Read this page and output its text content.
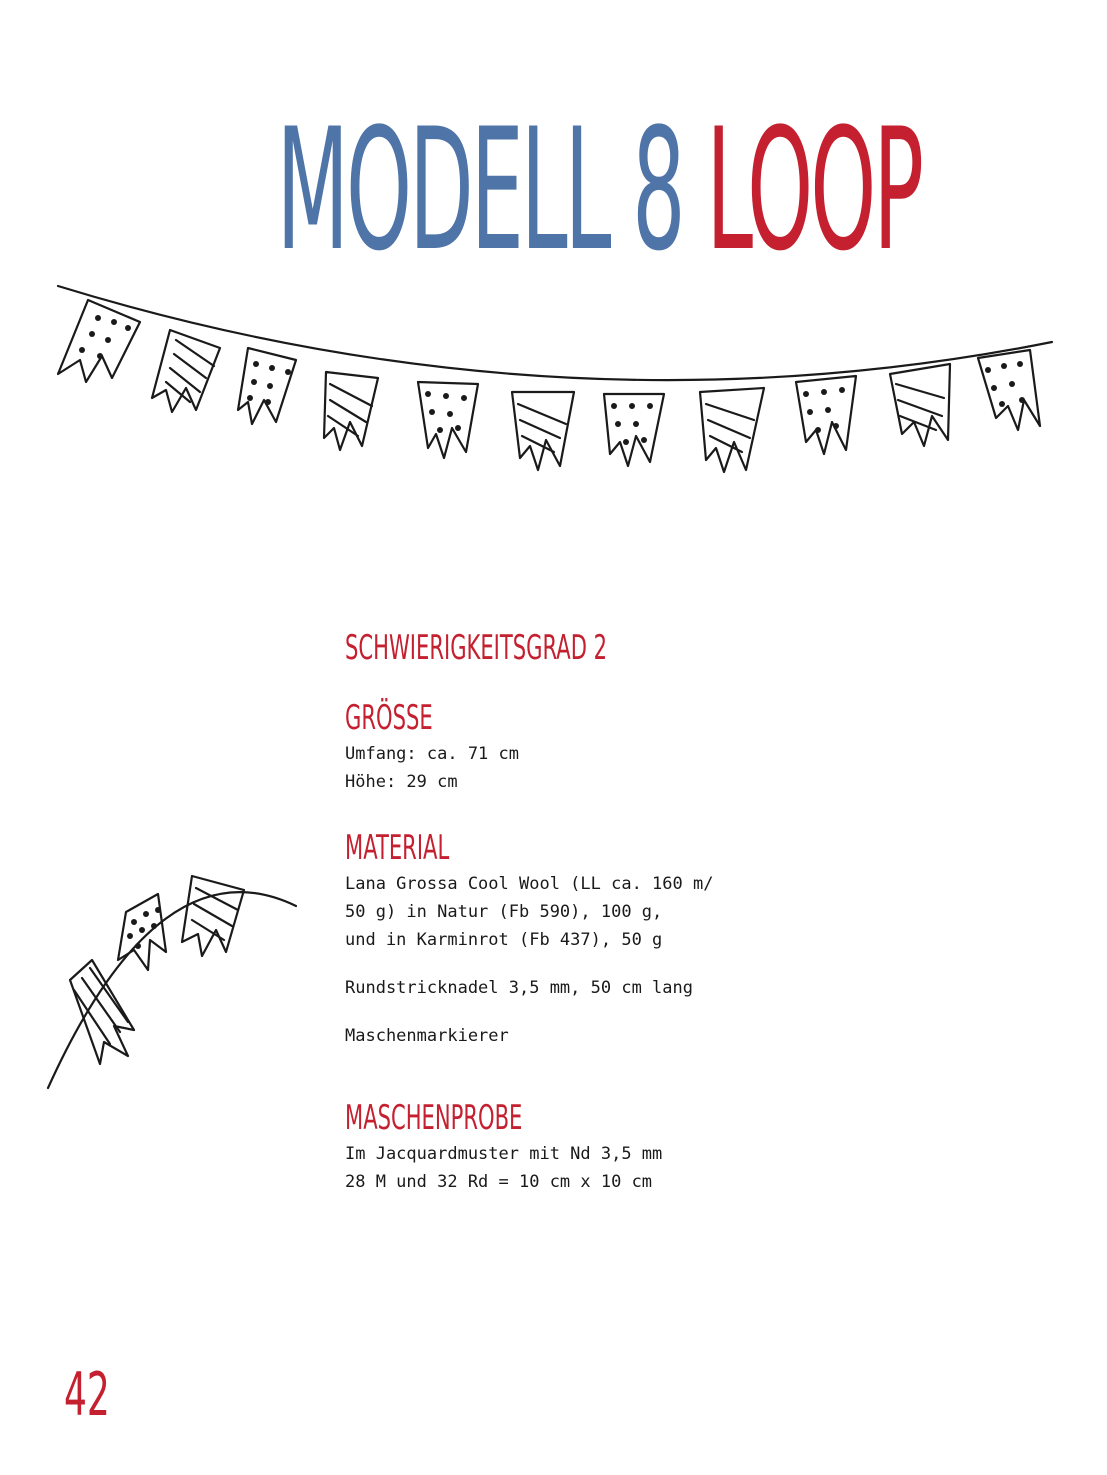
MODELL 8 LOOP

SCHWIERIGKEITSGRAD 2

GRÖSSE

Umfang: ca. 71 cm
Höhe: 29 cm

MATERIAL

Lana Grossa Cool Wool (LL ca. 160 m/
50 g) in Natur (Fb 590), 100 g,
und in Karminrot (Fb 437), 50 g

Rundstricknadel 3,5 mm, 50 cm lang

Maschenmarkierer

MASCHENPROBE

Im Jacquardmuster mit Nd 3,5 mm
28 M und 32 Rd = 10 cm x 10 cm

42
